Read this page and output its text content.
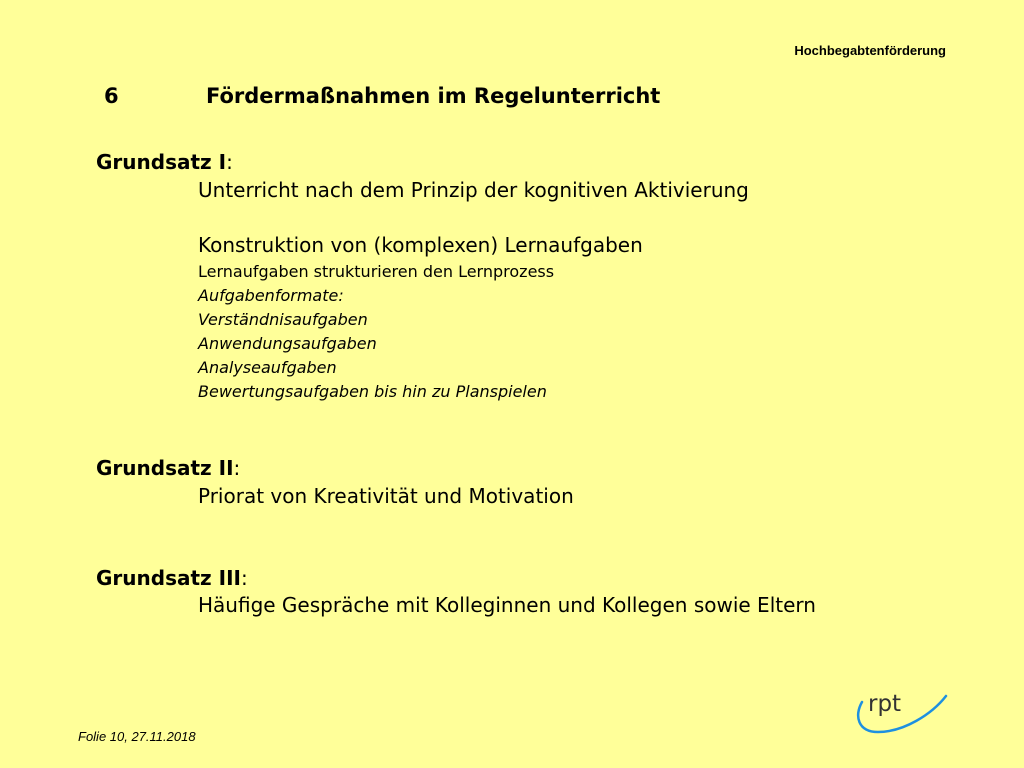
Hochbegabtenförderung
6	Fördermaßnahmen im Regelunterricht
Grundsatz I:
Unterricht nach dem Prinzip der kognitiven Aktivierung
Konstruktion von (komplexen) Lernaufgaben
Lernaufgaben strukturieren den Lernprozess
Aufgabenformate:
Verständnisaufgaben
Anwendungsaufgaben
Analyseaufgaben
Bewertungsaufgaben bis hin zu Planspielen
Grundsatz II:
Priorat von Kreativität und Motivation
Grundsatz III:
Häufige Gespräche mit Kolleginnen und Kollegen sowie Eltern
Folie 10, 27.11.2018
rpt
